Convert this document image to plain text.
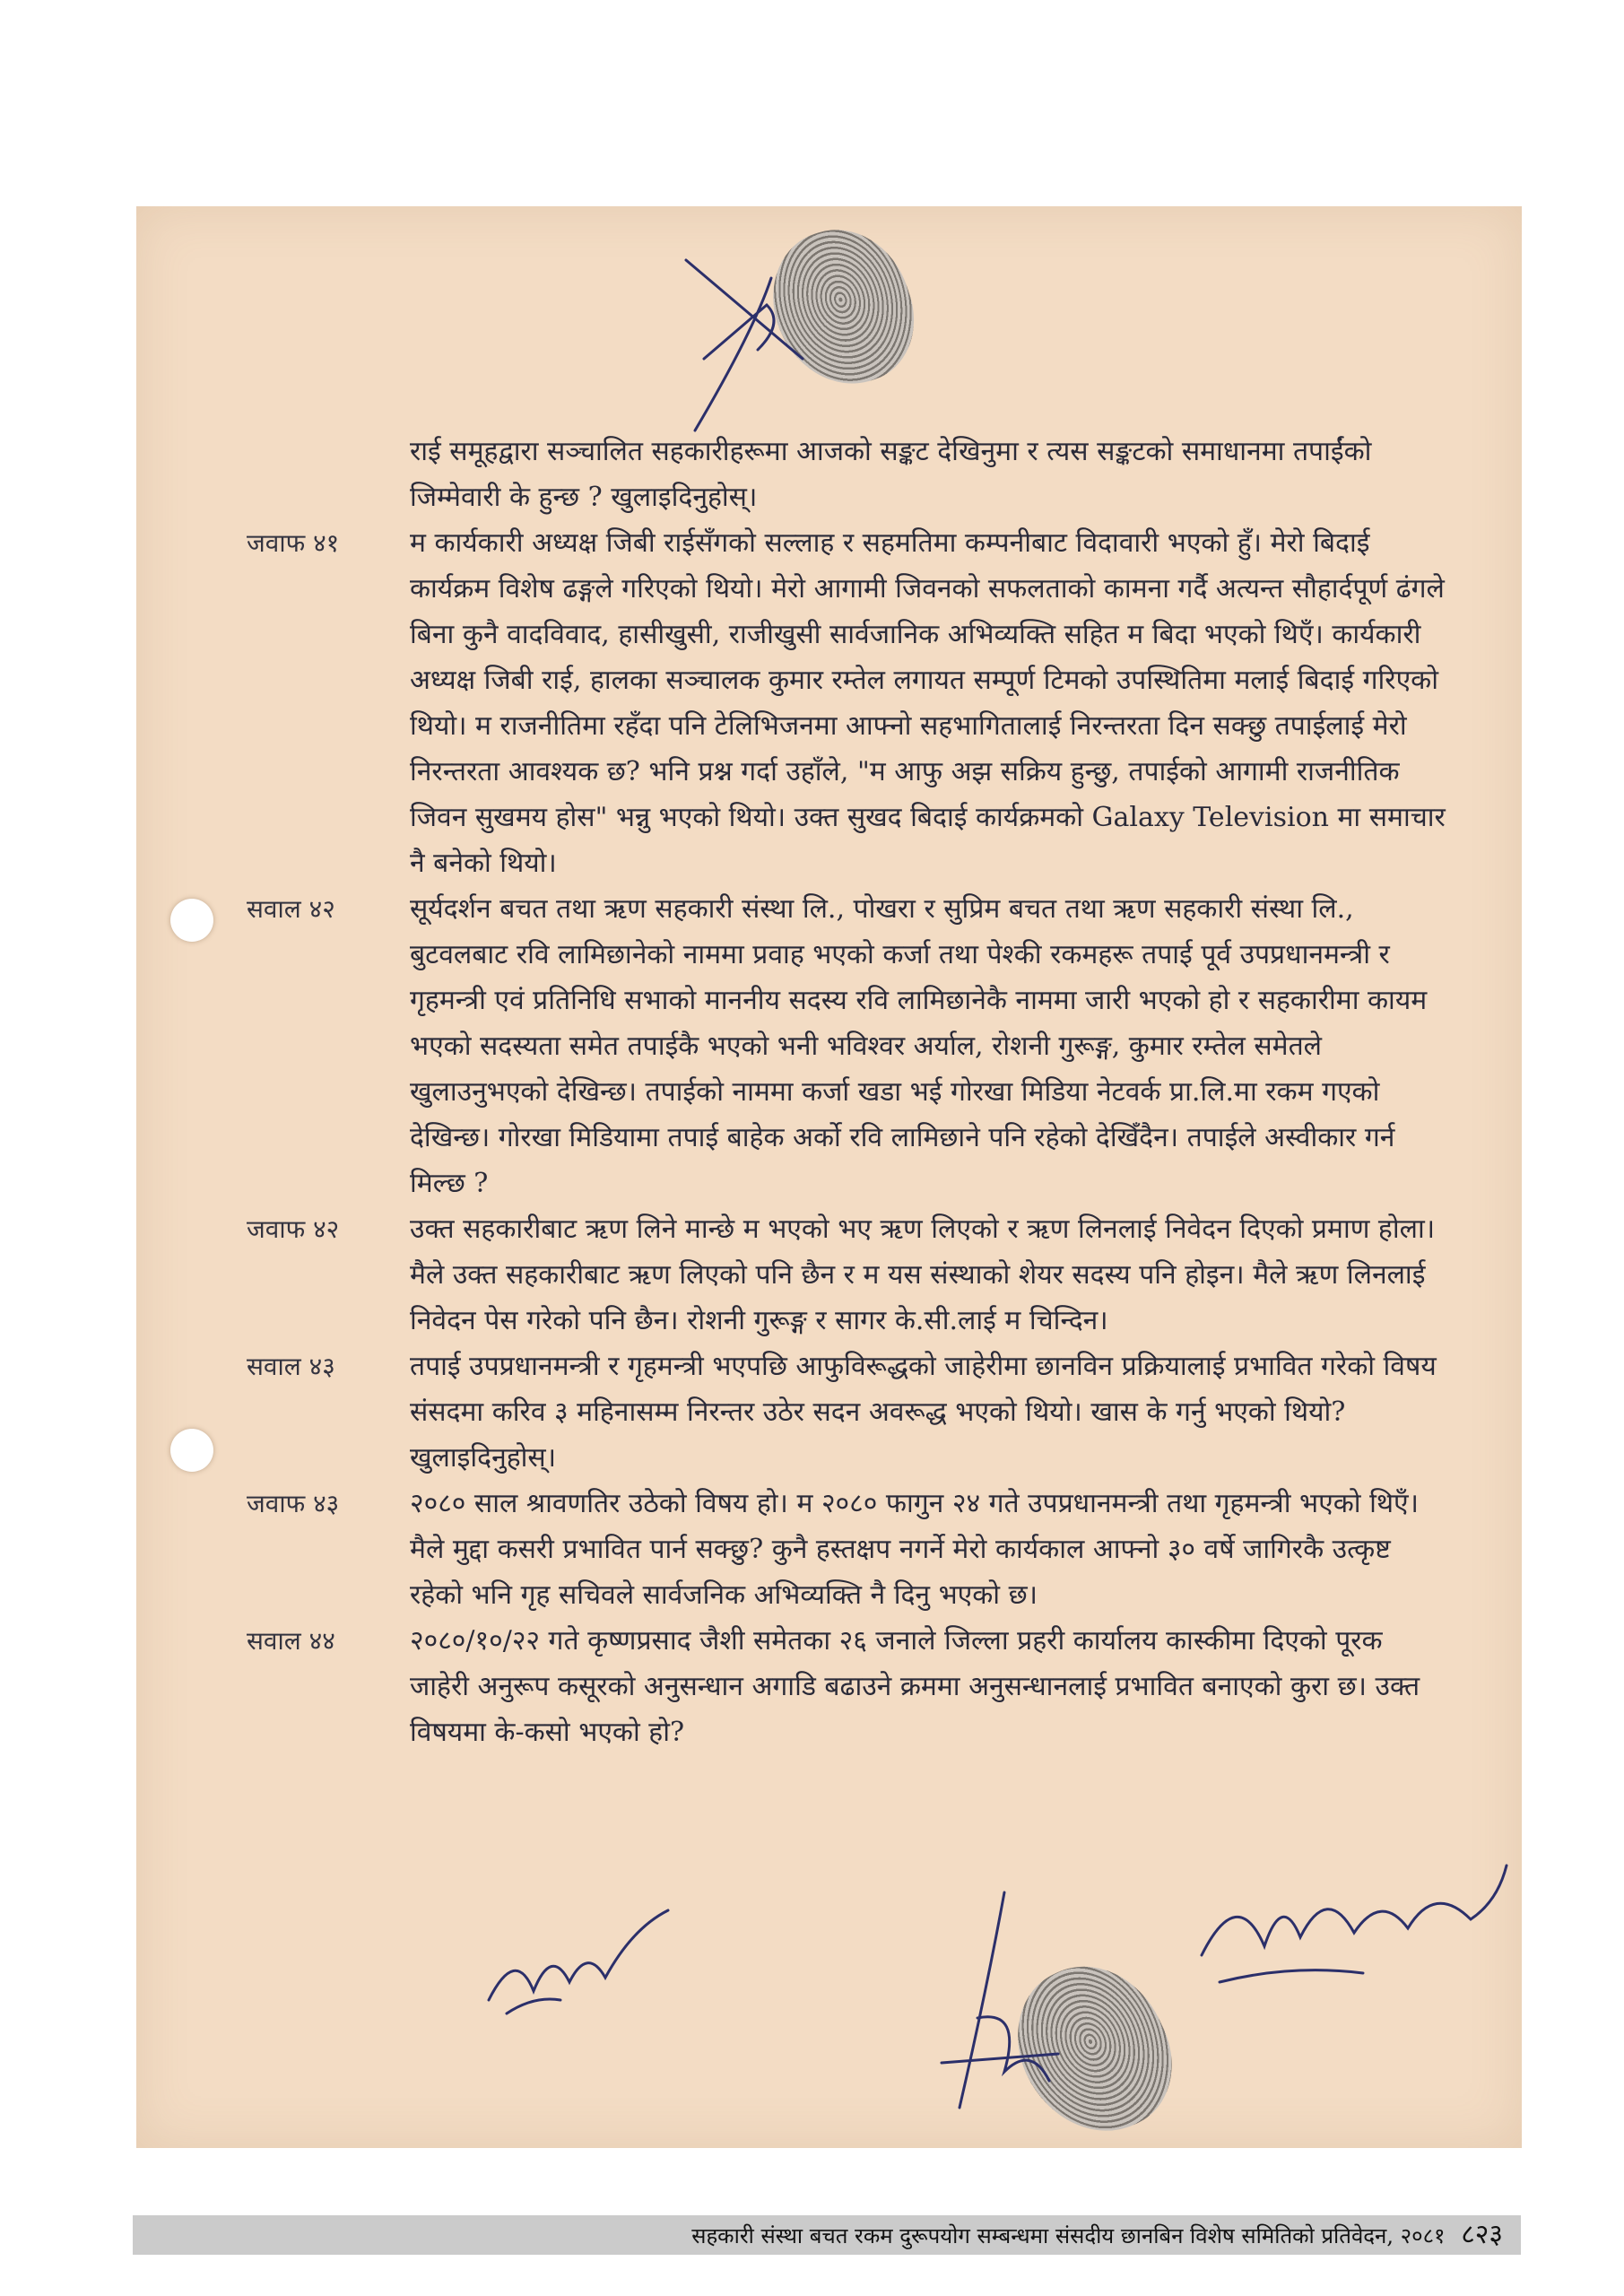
राई समूहद्वारा सञ्चालित सहकारीहरूमा आजको सङ्कट देखिनुमा र त्यस सङ्कटको समाधानमा तपाईंको जिम्मेवारी के हुन्छ ? खुलाइदिनुहोस्।

जवाफ ४१	म कार्यकारी अध्यक्ष जिबी राईसँगको सल्लाह र सहमतिमा कम्पनीबाट विदावारी भएको हुँ। मेरो बिदाई कार्यक्रम विशेष ढङ्गले गरिएको थियो। मेरो आगामी जिवनको सफलताको कामना गर्दै अत्यन्त सौहार्दपूर्ण ढंगले बिना कुनै वादविवाद, हासीखुसी, राजीखुसी सार्वजानिक अभिव्यक्ति सहित म बिदा भएको थिएँ। कार्यकारी अध्यक्ष जिबी राई, हालका सञ्चालक कुमार रम्तेल लगायत सम्पूर्ण टिमको उपस्थितिमा मलाई बिदाई गरिएको थियो। म राजनीतिमा रहँदा पनि टेलिभिजनमा आफ्नो सहभागितालाई निरन्तरता दिन सक्छु तपाईलाई मेरो निरन्तरता आवश्यक छ? भनि प्रश्न गर्दा उहाँले, "म आफु अझ सक्रिय हुन्छु, तपाईको आगामी राजनीतिक जिवन सुखमय होस" भन्नु भएको थियो। उक्त सुखद बिदाई कार्यक्रमको Galaxy Television मा समाचार नै बनेको थियो।

सवाल ४२	सूर्यदर्शन बचत तथा ऋण सहकारी संस्था लि., पोखरा र सुप्रिम बचत तथा ऋण सहकारी संस्था लि., बुटवलबाट रवि लामिछानेको नाममा प्रवाह भएको कर्जा तथा पेश्की रकमहरू तपाई पूर्व उपप्रधानमन्त्री र गृहमन्त्री एवं प्रतिनिधि सभाको माननीय सदस्य रवि लामिछानेकै नाममा जारी भएको हो र सहकारीमा कायम भएको सदस्यता समेत तपाईकै भएको भनी भविश्वर अर्याल, रोशनी गुरूङ्ग, कुमार रम्तेल समेतले खुलाउनुभएको देखिन्छ। तपाईको नाममा कर्जा खडा भई गोरखा मिडिया नेटवर्क प्रा.लि.मा रकम गएको देखिन्छ। गोरखा मिडियामा तपाई बाहेक अर्को रवि लामिछाने पनि रहेको देखिँदैन। तपाईले अस्वीकार गर्न मिल्छ ?

जवाफ ४२	उक्त सहकारीबाट ऋण लिने मान्छे म भएको भए ऋण लिएको र ऋण लिनलाई निवेदन दिएको प्रमाण होला। मैले उक्त सहकारीबाट ऋण लिएको पनि छैन र म यस संस्थाको शेयर सदस्य पनि होइन। मैले ऋण लिनलाई निवेदन पेस गरेको पनि छैन। रोशनी गुरूङ्ग र सागर के.सी.लाई म चिन्दिन।

सवाल ४३	तपाई उपप्रधानमन्त्री र गृहमन्त्री भएपछि आफुविरूद्धको जाहेरीमा छानविन प्रक्रियालाई प्रभावित गरेको विषय संसदमा करिव ३ महिनासम्म निरन्तर उठेर सदन अवरूद्ध भएको थियो। खास के गर्नु भएको थियो? खुलाइदिनुहोस्।

जवाफ ४३	२०८० साल श्रावणतिर उठेको विषय हो। म २०८० फागुन २४ गते उपप्रधानमन्त्री तथा गृहमन्त्री भएको थिएँ। मैले मुद्दा कसरी प्रभावित पार्न सक्छु? कुनै हस्तक्षप नगर्ने मेरो कार्यकाल आफ्नो ३० वर्षे जागिरकै उत्कृष्ट रहेको भनि गृह सचिवले सार्वजनिक अभिव्यक्ति नै दिनु भएको छ।

सवाल ४४	२०८०/१०/२२ गते कृष्णप्रसाद जैशी समेतका २६ जनाले जिल्ला प्रहरी कार्यालय कास्कीमा दिएको पूरक जाहेरी अनुरूप कसूरको अनुसन्धान अगाडि बढाउने क्रममा अनुसन्धानलाई प्रभावित बनाएको कुरा छ। उक्त विषयमा के-कसो भएको हो?

सहकारी संस्था बचत रकम दुरूपयोग सम्बन्धमा संसदीय छानबिन विशेष समितिको प्रतिवेदन, २०८१ ८२३
